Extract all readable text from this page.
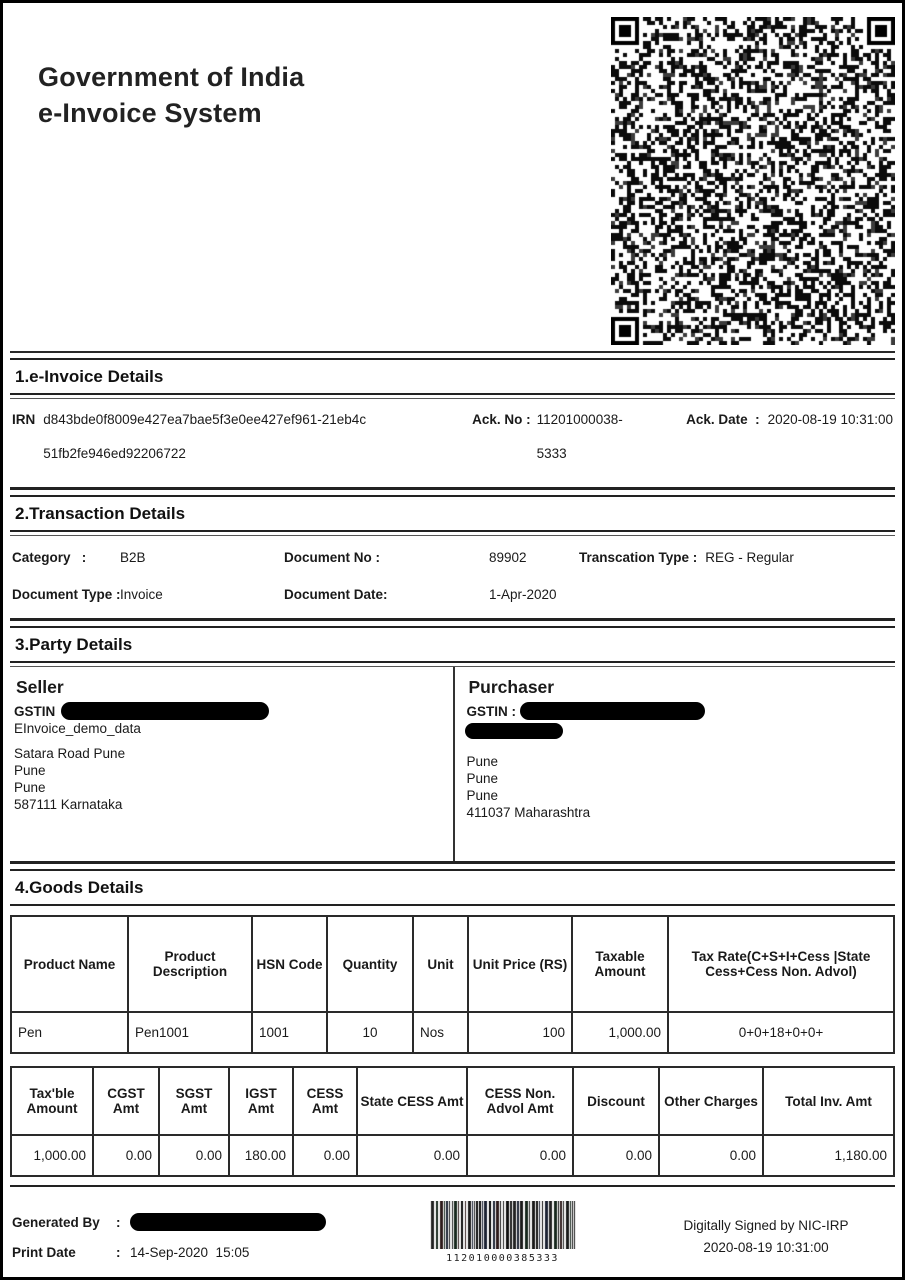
Government of India
e-Invoice System
1.e-Invoice Details
IRN d843bde0f8009e427ea7bae5f3e0ee427ef961-21eb4c51fb2fe946ed92206722
Ack. No : 11201000038-5333
Ack. Date  : 2020-08-19 10:31:00
2.Transaction Details
Category   :	B2B	Document No :	89902	Transcation Type : REG - Regular
Document Type : Invoice	Document Date:	1-Apr-2020
3.Party Details
Seller
GSTIN
EInvoice_demo_data
Satara Road Pune
Pune
Pune
587111 Karnataka
Purchaser
GSTIN :
Pune
Pune
Pune
411037 Maharashtra
4.Goods Details
Product Name	Product Description	HSN Code	Quantity	Unit	Unit Price (RS)	Taxable Amount	Tax Rate(C+S+I+Cess |State Cess+Cess Non. Advol)
Pen	Pen1001	1001	10	Nos	100	1,000.00	0+0+18+0+0+
Tax'ble Amount	CGST Amt	SGST Amt	IGST Amt	CESS Amt	State CESS Amt	CESS Non. Advol Amt	Discount	Other Charges	Total Inv. Amt
1,000.00	0.00	0.00	180.00	0.00	0.00	0.00	0.00	0.00	1,180.00
Generated By	:
Print Date	: 14-Sep-2020  15:05	112010000385333
Digitally Signed by NIC-IRP
2020-08-19 10:31:00
